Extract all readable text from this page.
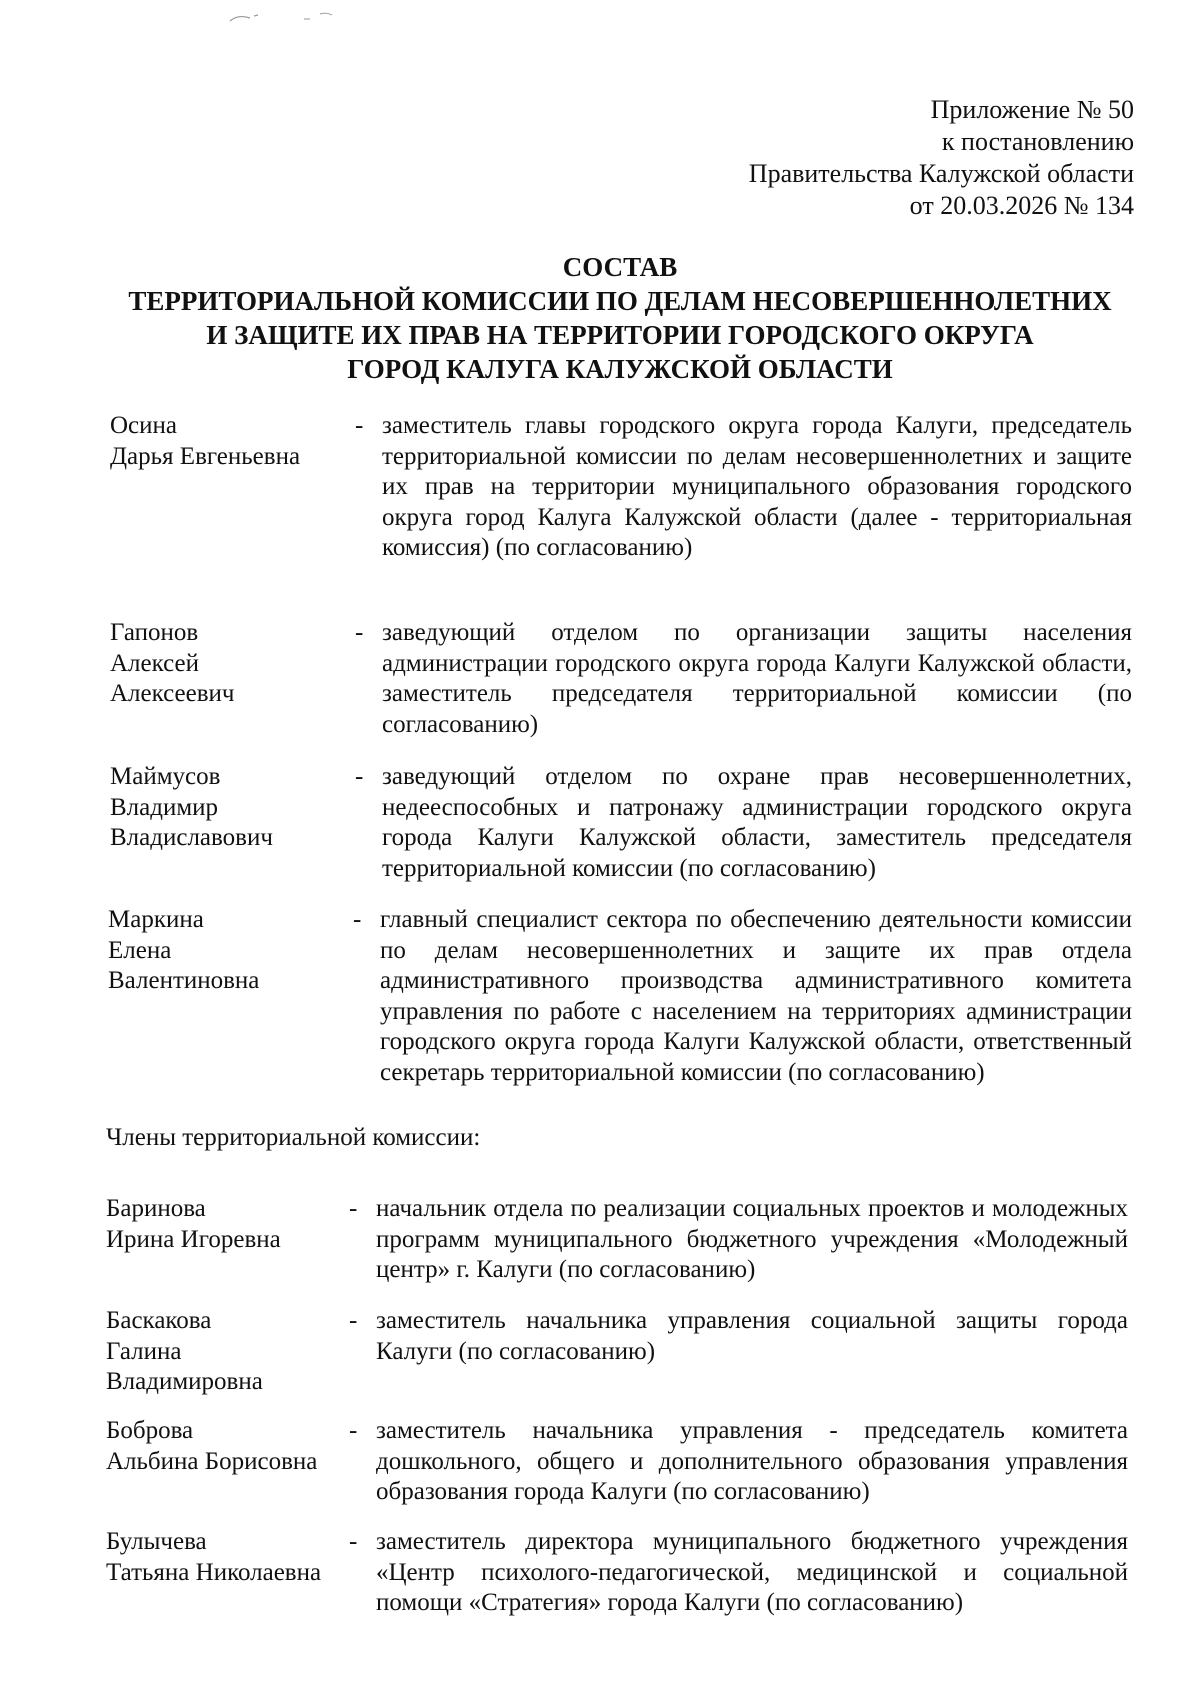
Приложение № 50
к постановлению
Правительства Калужской области
от 20.03.2026 № 134
СОСТАВ
ТЕРРИТОРИАЛЬНОЙ КОМИССИИ ПО ДЕЛАМ НЕСОВЕРШЕННОЛЕТНИХ
И ЗАЩИТЕ ИХ ПРАВ НА ТЕРРИТОРИИ ГОРОДСКОГО ОКРУГА
ГОРОД КАЛУГА КАЛУЖСКОЙ ОБЛАСТИ
Осина
Дарья Евгеньевна
- заместитель главы городского округа города Калуги, председатель территориальной комиссии по делам несовершеннолетних и защите их прав на территории муниципального образования городского округа город Калуга Калужской области (далее - территориальная комиссия) (по согласованию)
Гапонов
Алексей
Алексеевич
- заведующий отделом по организации защиты населения администрации городского округа города Калуги Калужской области, заместитель председателя территориальной комиссии (по согласованию)
Маймусов
Владимир
Владиславович
- заведующий отделом по охране прав несовершеннолетних, недееспособных и патронажу администрации городского округа города Калуги Калужской области, заместитель председателя территориальной комиссии (по согласованию)
Маркина
Елена
Валентиновна
- главный специалист сектора по обеспечению деятельности комиссии по делам несовершеннолетних и защите их прав отдела административного производства административного комитета управления по работе с населением на территориях администрации городского округа города Калуги Калужской области, ответственный секретарь территориальной комиссии (по согласованию)
Члены территориальной комиссии:
Баринова
Ирина Игоревна
- начальник отдела по реализации социальных проектов и молодежных программ муниципального бюджетного учреждения «Молодежный центр» г. Калуги (по согласованию)
Баскакова
Галина
Владимировна
- заместитель начальника управления социальной защиты города Калуги (по согласованию)
Боброва
Альбина Борисовна
- заместитель начальника управления - председатель комитета дошкольного, общего и дополнительного образования управления образования города Калуги (по согласованию)
Булычева
Татьяна Николаевна
- заместитель директора муниципального бюджетного учреждения «Центр психолого-педагогической, медицинской и социальной помощи «Стратегия» города Калуги (по согласованию)
